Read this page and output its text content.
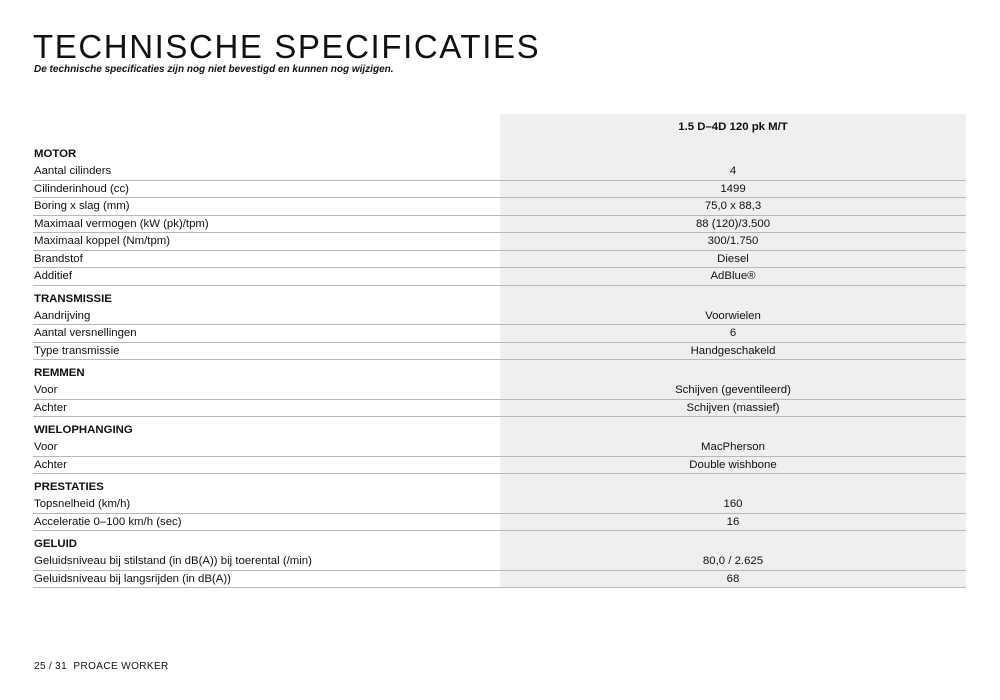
TECHNISCHE SPECIFICATIES
De technische specificaties zijn nog niet bevestigd en kunnen nog wijzigen.
	1.5 D–4D 120 pk M/T

MOTOR	
Aantal cilinders	4
Cilinderinhoud (cc)	1499
Boring x slag (mm)	75,0 x 88,3
Maximaal vermogen (kW (pk)/tpm)	88 (120)/3.500
Maximaal koppel (Nm/tpm)	300/1.750
Brandstof	Diesel
Additief	AdBlue®

TRANSMISSIE	
Aandrijving	Voorwielen
Aantal versnellingen	6
Type transmissie	Handgeschakeld

REMMEN	
Voor	Schijven (geventileerd)
Achter	Schijven (massief)

WIELOPHANGING	
Voor	MacPherson
Achter	Double wishbone

PRESTATIES	
Topsnelheid (km/h)	160
Acceleratie 0–100 km/h (sec)	16

GELUID	
Geluidsniveau bij stilstand (in dB(A)) bij toerental (/min)	80,0 / 2.625
Geluidsniveau bij langsrijden (in dB(A))	68
25 / 31 PROACE WORKER
